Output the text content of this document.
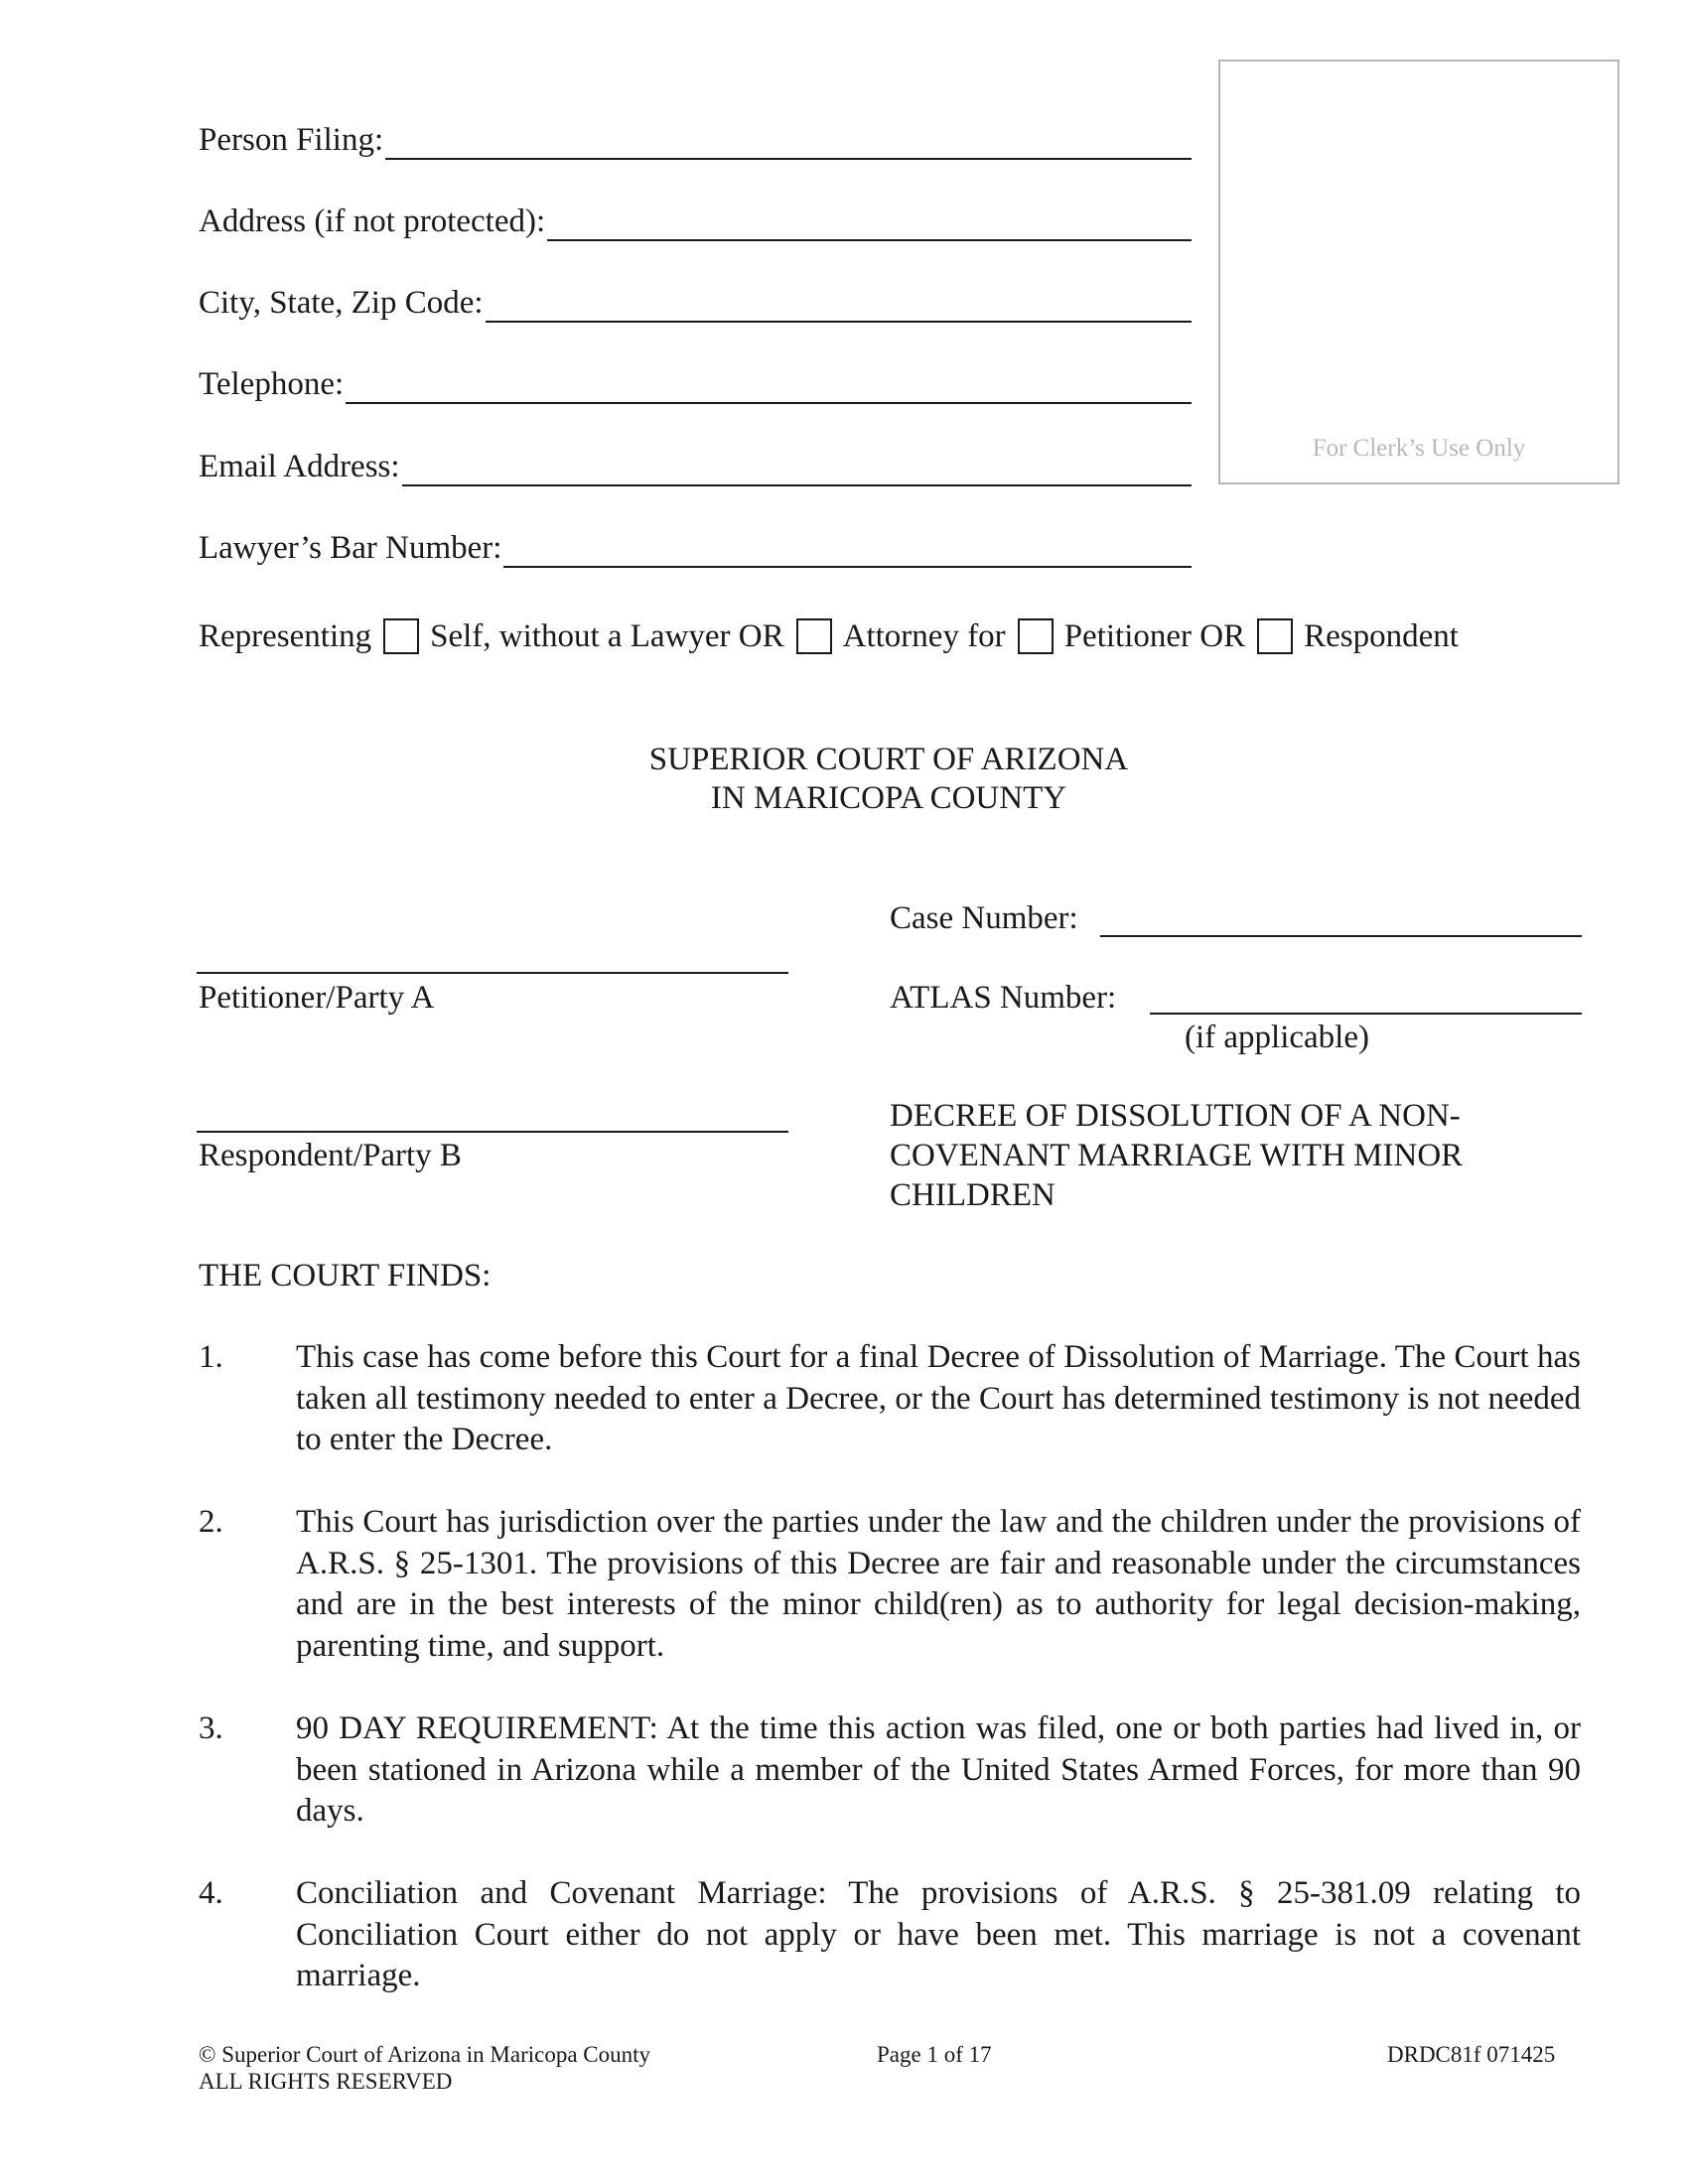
Person Filing:
Address (if not protected):
City, State, Zip Code:
Telephone:
Email Address:
Lawyer’s Bar Number:
For Clerk’s Use Only
Representing Self, without a Lawyer OR Attorney for Petitioner OR Respondent
SUPERIOR COURT OF ARIZONA
IN MARICOPA COUNTY
Petitioner/Party A
Respondent/Party B
Case Number:
ATLAS Number:
(if applicable)
DECREE OF DISSOLUTION OF A NON-
COVENANT MARRIAGE WITH MINOR
CHILDREN
THE COURT FINDS:
1. This case has come before this Court for a final Decree of Dissolution of Marriage. The Court has taken all testimony needed to enter a Decree, or the Court has determined testimony is not needed to enter the Decree.
2. This Court has jurisdiction over the parties under the law and the children under the provisions of A.R.S. § 25-1301. The provisions of this Decree are fair and reasonable under the circumstances and are in the best interests of the minor child(ren) as to authority for legal decision-making, parenting time, and support.
3. 90 DAY REQUIREMENT: At the time this action was filed, one or both parties had lived in, or been stationed in Arizona while a member of the United States Armed Forces, for more than 90 days.
4. Conciliation and Covenant Marriage: The provisions of A.R.S. § 25-381.09 relating to Conciliation Court either do not apply or have been met. This marriage is not a covenant marriage.
© Superior Court of Arizona in Maricopa County
ALL RIGHTS RESERVED
Page 1 of 17	DRDC81f 071425
